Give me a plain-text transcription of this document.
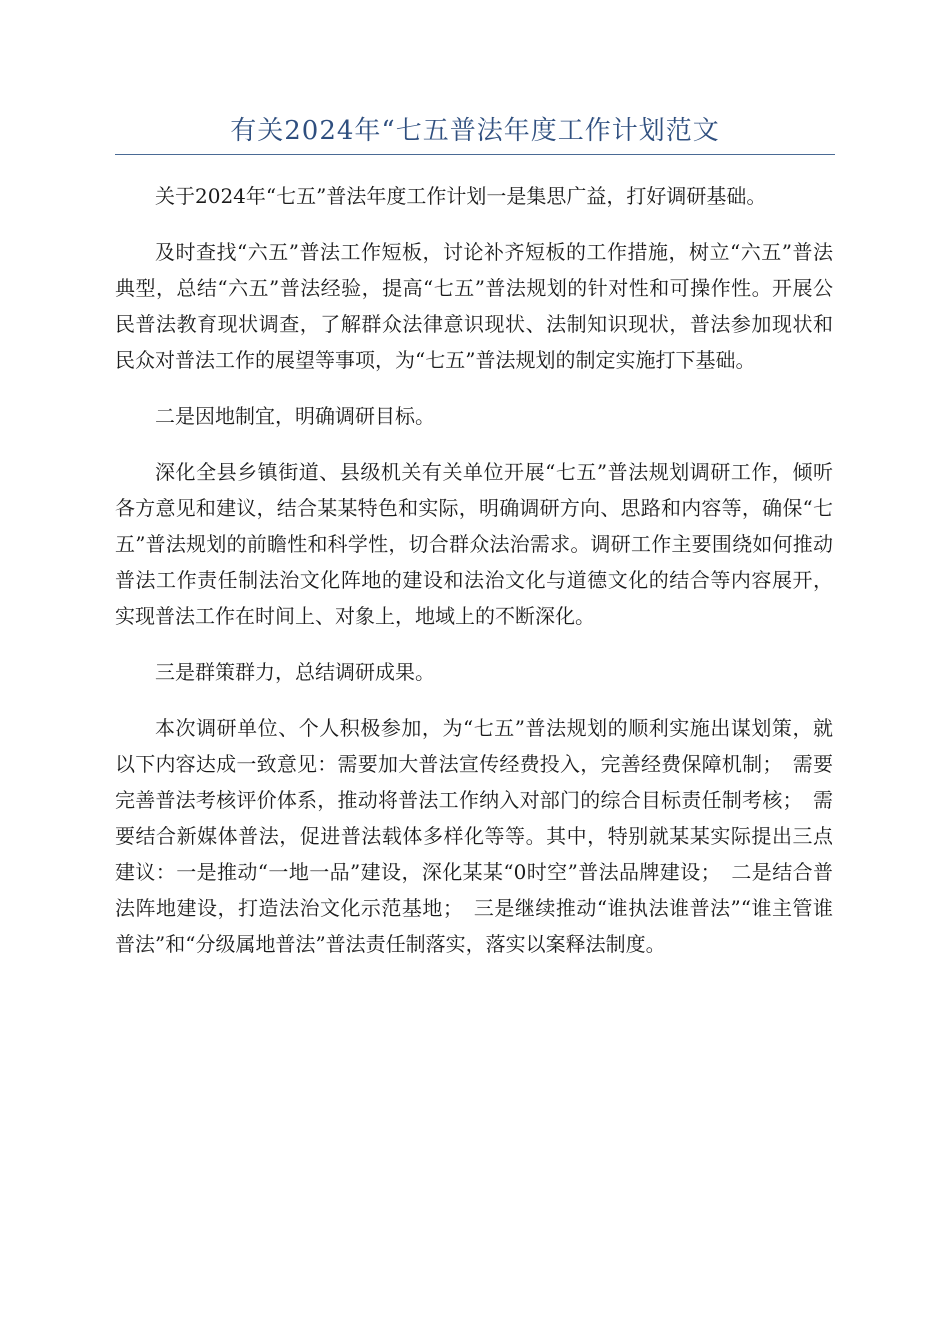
有关2024年“七五普法年度工作计划范文

关于2024年“七五”普法年度工作计划一是集思广益，打好调研基础。

及时查找“六五”普法工作短板，讨论补齐短板的工作措施，树立“六五”普法典型，总结“六五”普法经验，提高“七五”普法规划的针对性和可操作性。开展公民普法教育现状调查，了解群众法律意识现状、法制知识现状，普法参加现状和民众对普法工作的展望等事项，为“七五”普法规划的制定实施打下基础。

二是因地制宜，明确调研目标。

深化全县乡镇街道、县级机关有关单位开展“七五”普法规划调研工作，倾听各方意见和建议，结合某某特色和实际，明确调研方向、思路和内容等，确保“七五”普法规划的前瞻性和科学性，切合群众法治需求。调研工作主要围绕如何推动普法工作责任制法治文化阵地的建设和法治文化与道德文化的结合等内容展开，实现普法工作在时间上、对象上，地域上的不断深化。

三是群策群力，总结调研成果。

本次调研单位、个人积极参加，为“七五”普法规划的顺利实施出谋划策，就以下内容达成一致意见：需要加大普法宣传经费投入，完善经费保障机制；　需要完善普法考核评价体系，推动将普法工作纳入对部门的综合目标责任制考核；　需要结合新媒体普法，促进普法载体多样化等等。其中，特别就某某实际提出三点建议：一是推动“一地一品”建设，深化某某“0时空”普法品牌建设；　二是结合普法阵地建设，打造法治文化示范基地；　三是继续推动“谁执法谁普法”“谁主管谁普法”和“分级属地普法”普法责任制落实，落实以案释法制度。
